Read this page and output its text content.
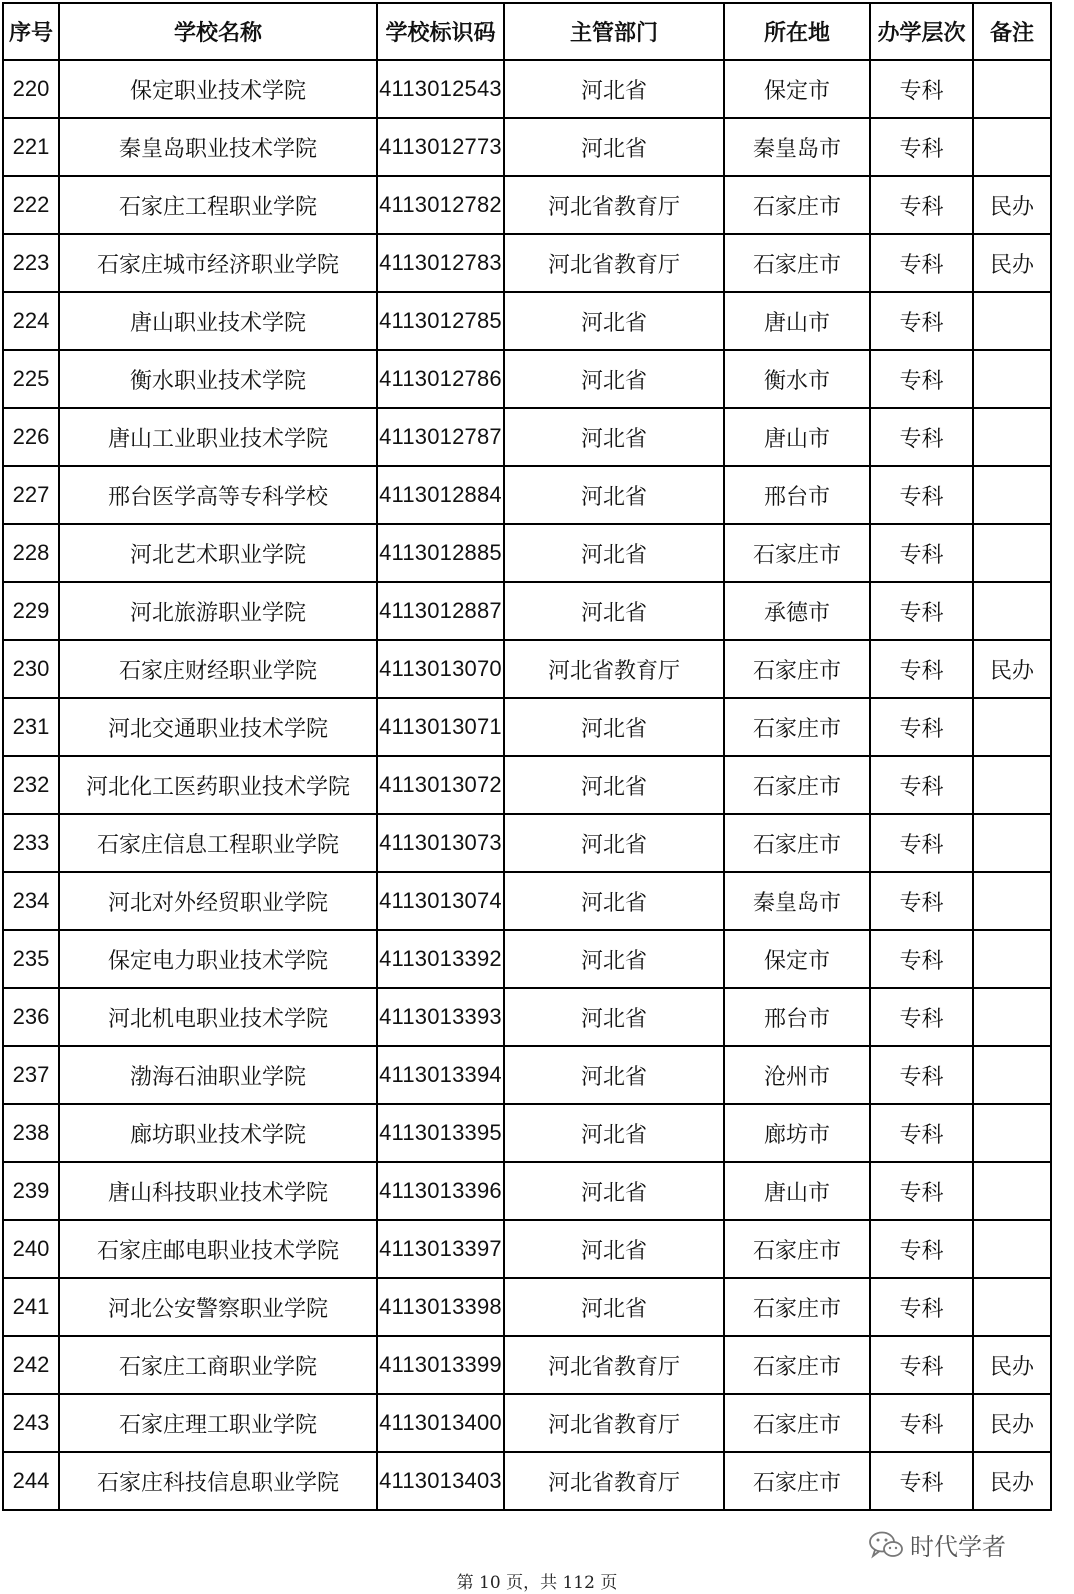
序号	学校名称	学校标识码	主管部门	所在地	办学层次	备注
220	保定职业技术学院	4113012543	河北省	保定市	专科	
221	秦皇岛职业技术学院	4113012773	河北省	秦皇岛市	专科	
222	石家庄工程职业学院	4113012782	河北省教育厅	石家庄市	专科	民办
223	石家庄城市经济职业学院	4113012783	河北省教育厅	石家庄市	专科	民办
224	唐山职业技术学院	4113012785	河北省	唐山市	专科	
225	衡水职业技术学院	4113012786	河北省	衡水市	专科	
226	唐山工业职业技术学院	4113012787	河北省	唐山市	专科	
227	邢台医学高等专科学校	4113012884	河北省	邢台市	专科	
228	河北艺术职业学院	4113012885	河北省	石家庄市	专科	
229	河北旅游职业学院	4113012887	河北省	承德市	专科	
230	石家庄财经职业学院	4113013070	河北省教育厅	石家庄市	专科	民办
231	河北交通职业技术学院	4113013071	河北省	石家庄市	专科	
232	河北化工医药职业技术学院	4113013072	河北省	石家庄市	专科	
233	石家庄信息工程职业学院	4113013073	河北省	石家庄市	专科	
234	河北对外经贸职业学院	4113013074	河北省	秦皇岛市	专科	
235	保定电力职业技术学院	4113013392	河北省	保定市	专科	
236	河北机电职业技术学院	4113013393	河北省	邢台市	专科	
237	渤海石油职业学院	4113013394	河北省	沧州市	专科	
238	廊坊职业技术学院	4113013395	河北省	廊坊市	专科	
239	唐山科技职业技术学院	4113013396	河北省	唐山市	专科	
240	石家庄邮电职业技术学院	4113013397	河北省	石家庄市	专科	
241	河北公安警察职业学院	4113013398	河北省	石家庄市	专科	
242	石家庄工商职业学院	4113013399	河北省教育厅	石家庄市	专科	民办
243	石家庄理工职业学院	4113013400	河北省教育厅	石家庄市	专科	民办
244	石家庄科技信息职业学院	4113013403	河北省教育厅	石家庄市	专科	民办
时代学者
第 10 页，共 112 页
